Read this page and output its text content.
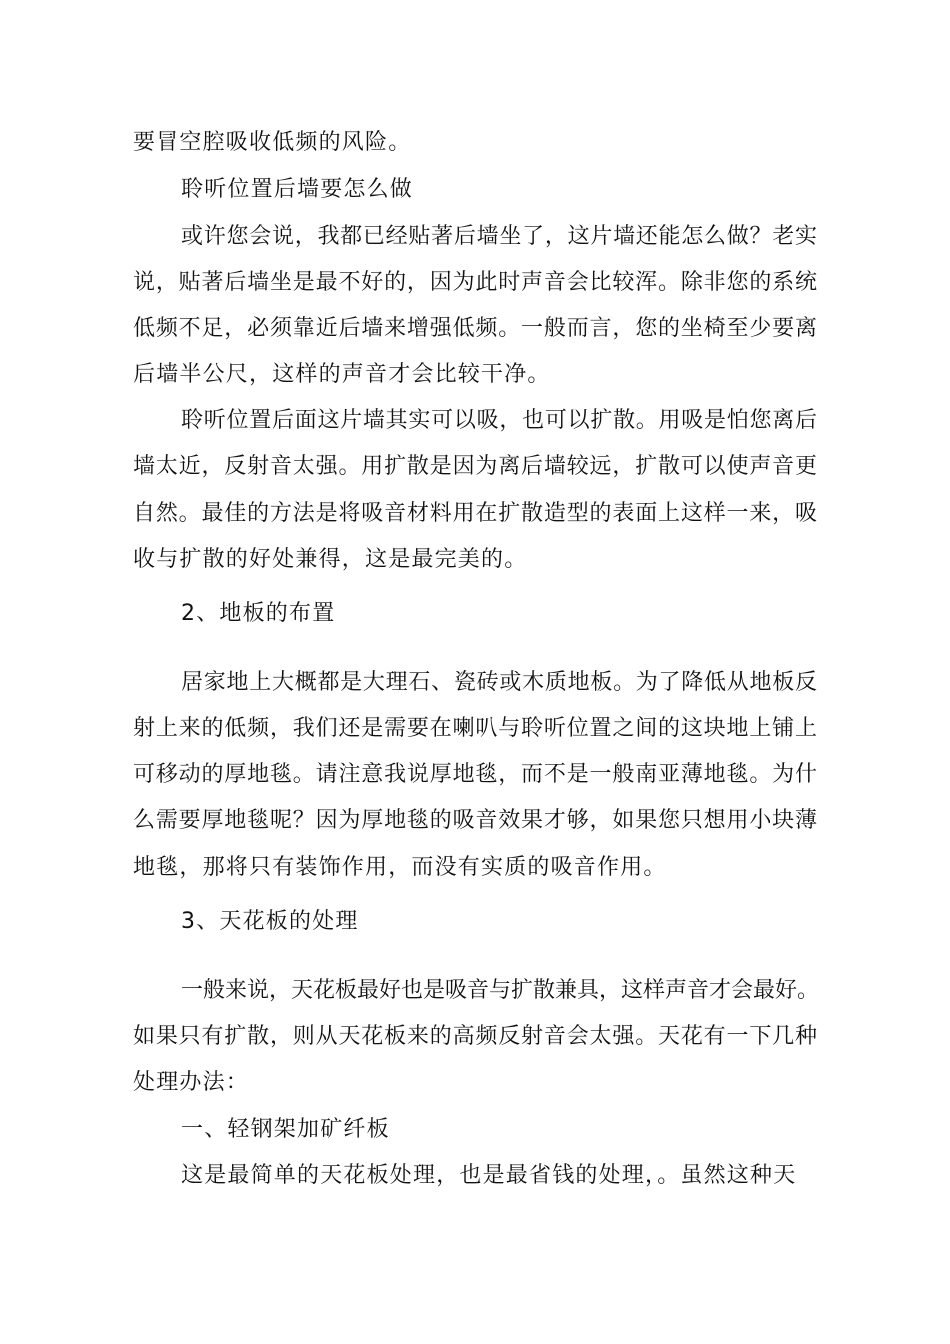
要冒空腔吸收低频的风险。
聆听位置后墙要怎么做
或许您会说，我都已经贴著后墙坐了，这片墙还能怎么做？老实
说，贴著后墙坐是最不好的，因为此时声音会比较浑。除非您的系统
低频不足，必须靠近后墙来增强低频。一般而言，您的坐椅至少要离
后墙半公尺，这样的声音才会比较干净。
聆听位置后面这片墙其实可以吸，也可以扩散。用吸是怕您离后
墙太近，反射音太强。用扩散是因为离后墙较远，扩散可以使声音更
自然。最佳的方法是将吸音材料用在扩散造型的表面上这样一来，吸
收与扩散的好处兼得，这是最完美的。
2、地板的布置
居家地上大概都是大理石、瓷砖或木质地板。为了降低从地板反
射上来的低频，我们还是需要在喇叭与聆听位置之间的这块地上铺上
可移动的厚地毯。请注意我说厚地毯，而不是一般南亚薄地毯。为什
么需要厚地毯呢？因为厚地毯的吸音效果才够，如果您只想用小块薄
地毯，那将只有装饰作用，而没有实质的吸音作用。
3、天花板的处理
一般来说，天花板最好也是吸音与扩散兼具，这样声音才会最好。
如果只有扩散，则从天花板来的高频反射音会太强。天花有一下几种
处理办法：
一、轻钢架加矿纤板
这是最简单的天花板处理，也是最省钱的处理，。虽然这种天
